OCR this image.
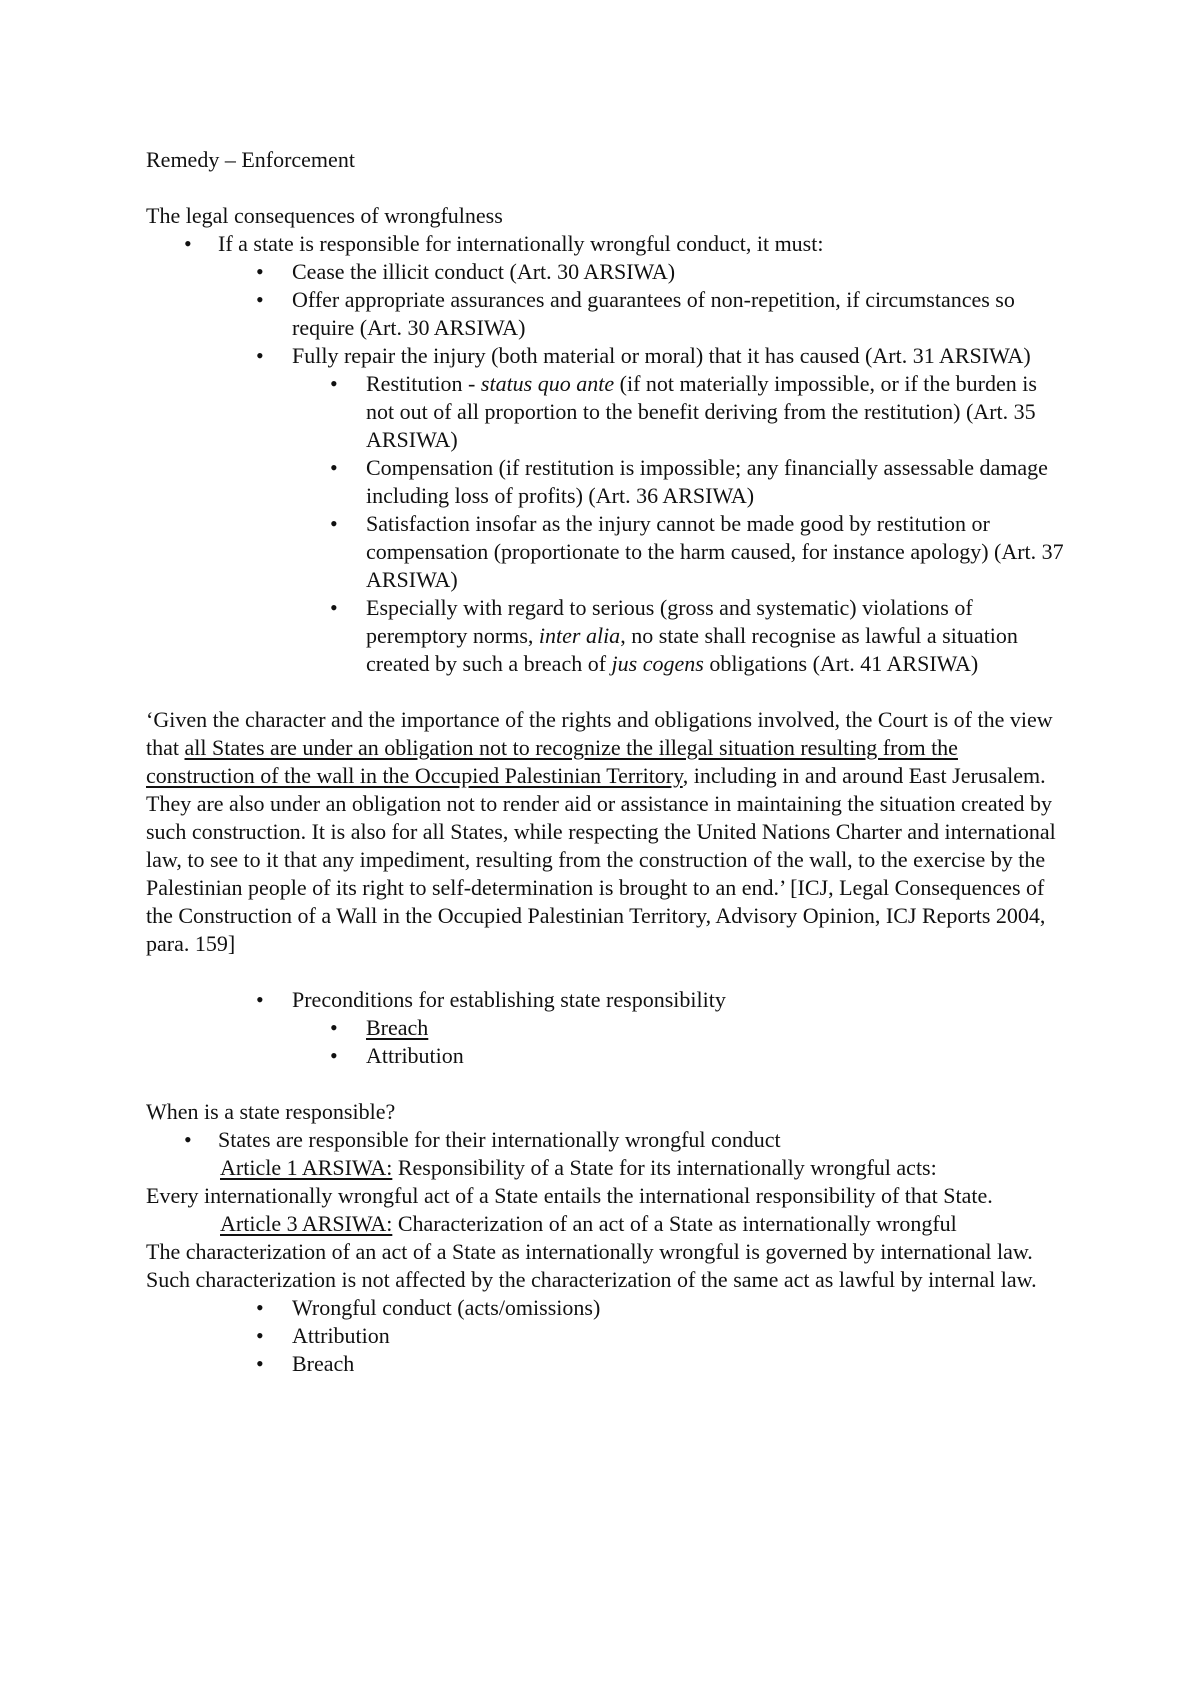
Remedy – Enforcement

The legal consequences of wrongfulness

•	If a state is responsible for internationally wrongful conduct, it must:
•	Cease the illicit conduct (Art. 30 ARSIWA)
•	Offer appropriate assurances and guarantees of non-repetition, if circumstances so require (Art. 30 ARSIWA)
•	Fully repair the injury (both material or moral) that it has caused (Art. 31 ARSIWA)
•	Restitution - status quo ante (if not materially impossible, or if the burden is not out of all proportion to the benefit deriving from the restitution) (Art. 35 ARSIWA)
•	Compensation (if restitution is impossible; any financially assessable damage including loss of profits) (Art. 36 ARSIWA)
•	Satisfaction insofar as the injury cannot be made good by restitution or compensation (proportionate to the harm caused, for instance apology) (Art. 37 ARSIWA)
•	Especially with regard to serious (gross and systematic) violations of peremptory norms, inter alia, no state shall recognise as lawful a situation created by such a breach of jus cogens obligations (Art. 41 ARSIWA)

‘Given the character and the importance of the rights and obligations involved, the Court is of the view that all States are under an obligation not to recognize the illegal situation resulting from the construction of the wall in the Occupied Palestinian Territory, including in and around East Jerusalem. They are also under an obligation not to render aid or assistance in maintaining the situation created by such construction. It is also for all States, while respecting the United Nations Charter and international law, to see to it that any impediment, resulting from the construction of the wall, to the exercise by the Palestinian people of its right to self-determination is brought to an end.’ [ICJ, Legal Consequences of the Construction of a Wall in the Occupied Palestinian Territory, Advisory Opinion, ICJ Reports 2004, para. 159]

•	Preconditions for establishing state responsibility
•	Breach
•	Attribution

When is a state responsible?

•	States are responsible for their internationally wrongful conduct

Article 1 ARSIWA: Responsibility of a State for its internationally wrongful acts:

Every internationally wrongful act of a State entails the international responsibility of that State.

Article 3 ARSIWA: Characterization of an act of a State as internationally wrongful

The characterization of an act of a State as internationally wrongful is governed by international law. Such characterization is not affected by the characterization of the same act as lawful by internal law.

•	Wrongful conduct (acts/omissions)
•	Attribution
•	Breach
